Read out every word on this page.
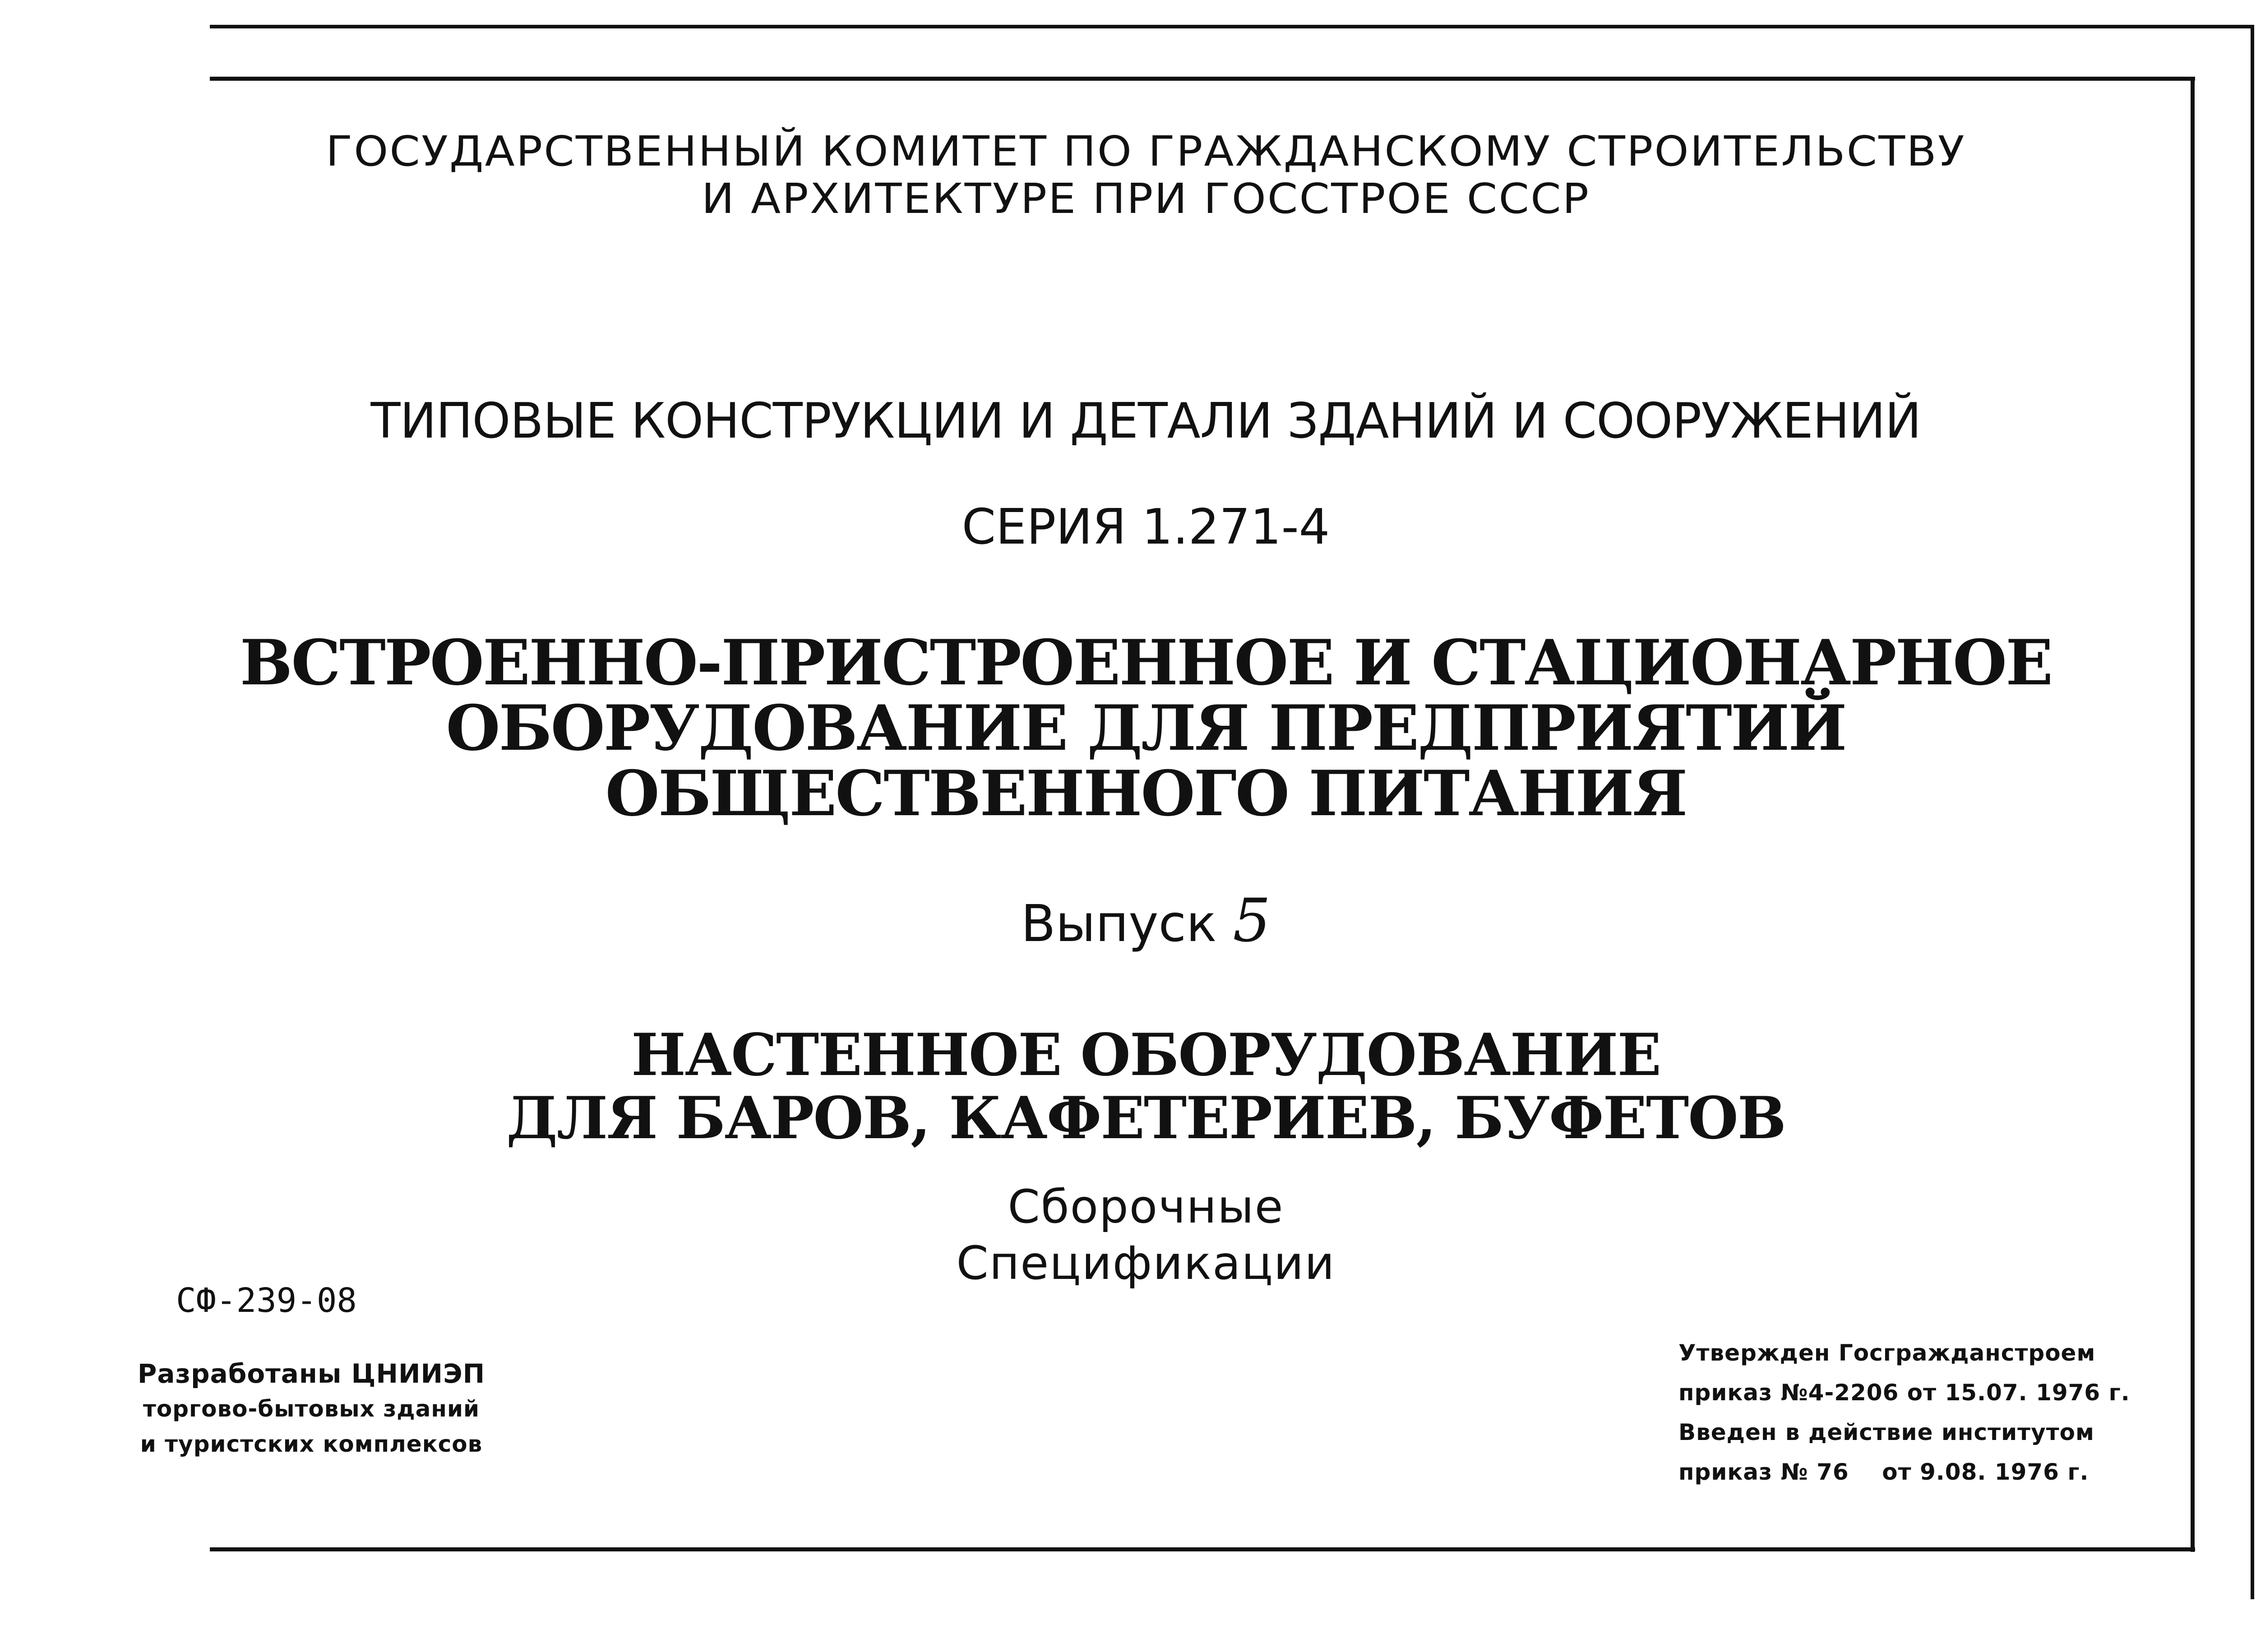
ГОСУДАРСТВЕННЫЙ КОМИТЕТ ПО ГРАЖДАНСКОМУ СТРОИТЕЛЬСТВУ
И АРХИТЕКТУРЕ ПРИ ГОССТРОЕ СССР
ТИПОВЫЕ КОНСТРУКЦИИ И ДЕТАЛИ ЗДАНИЙ И СООРУЖЕНИЙ
СЕРИЯ 1.271-4
ВСТРОЕННО-ПРИСТРОЕННОЕ И СТАЦИОНАРНОЕ
ОБОРУДОВАНИЕ ДЛЯ ПРЕДПРИЯТИЙ
ОБЩЕСТВЕННОГО ПИТАНИЯ
Выпуск 5
НАСТЕННОЕ ОБОРУДОВАНИЕ
ДЛЯ БАРОВ, КАФЕТЕРИЕВ, БУФЕТОВ
Сборочные
Спецификации
СФ-239-08
Разработаны ЦНИИЭП
торгово-бытовых зданий
и туристских комплексов
Утвержден Госгражданстроем
приказ №4-2206 от 15.07. 1976 г.
Введен в действие институтом
приказ № 76    от 9.08. 1976 г.
